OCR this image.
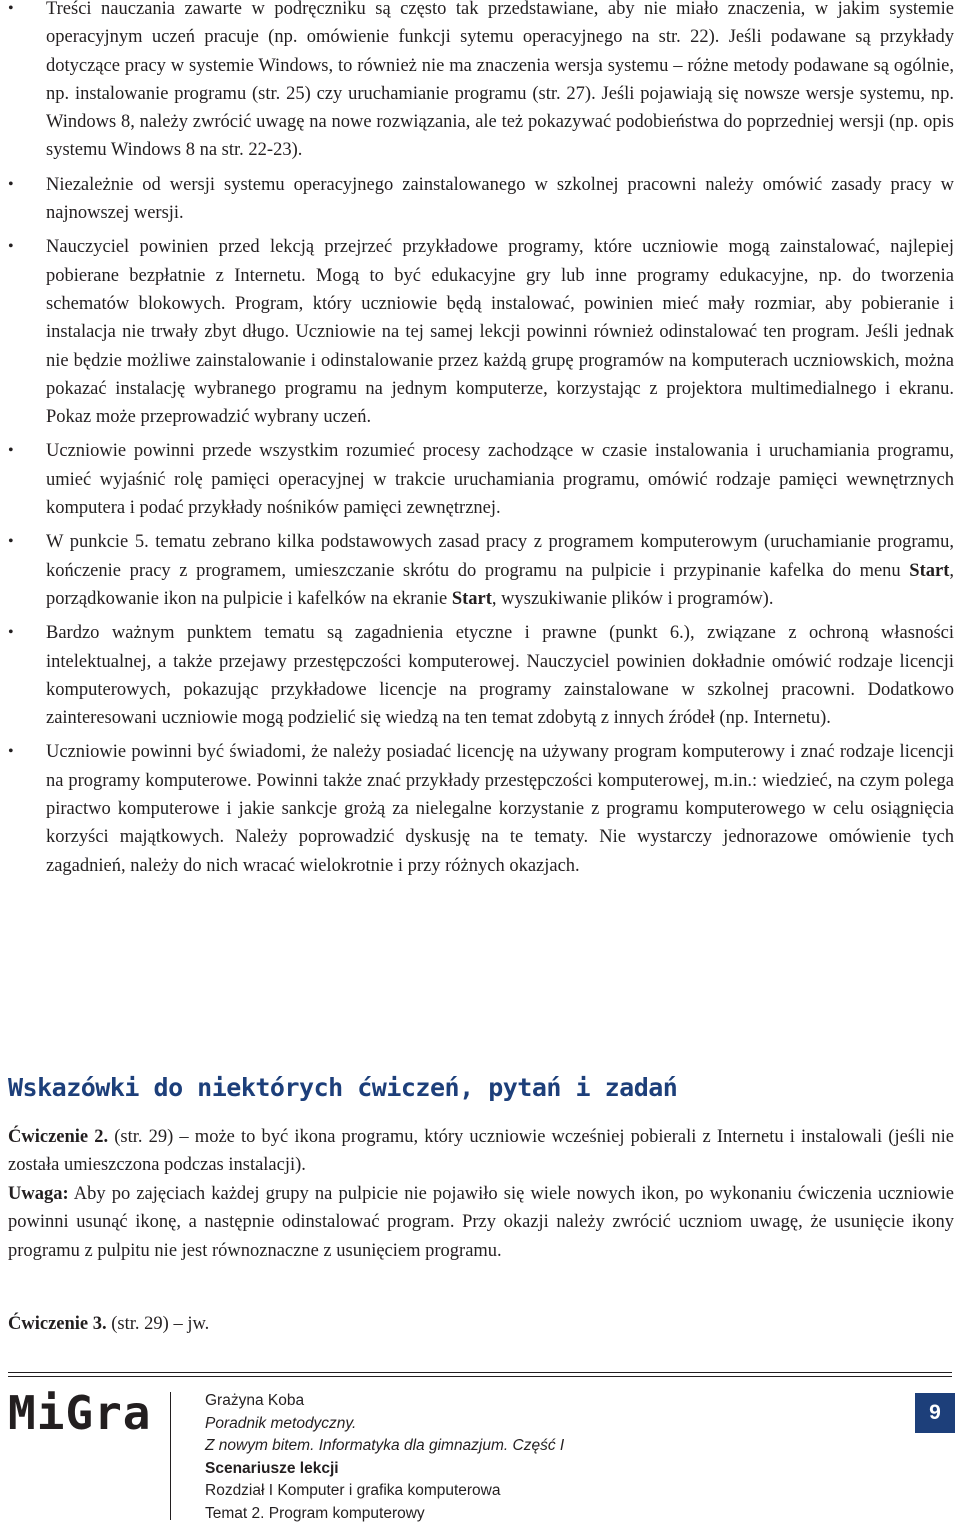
• Treści nauczania zawarte w podręczniku są często tak przedstawiane, aby nie miało znaczenia, w jakim systemie operacyjnym uczeń pracuje (np. omówienie funkcji sytemu operacyjnego na str. 22). Jeśli podawane są przykłady dotyczące pracy w systemie Windows, to również nie ma znaczenia wersja systemu – różne metody podawane są ogólnie, np. instalowanie programu (str. 25) czy uruchamianie programu (str. 27). Jeśli pojawiają się nowsze wersje systemu, np. Windows 8, należy zwrócić uwagę na nowe rozwiązania, ale też pokazywać podobieństwa do poprzedniej wersji (np. opis systemu Windows 8 na str. 22-23).
• Niezależnie od wersji systemu operacyjnego zainstalowanego w szkolnej pracowni należy omówić zasady pracy w najnowszej wersji.
• Nauczyciel powinien przed lekcją przejrzeć przykładowe programy, które uczniowie mogą zainstalować, najlepiej pobierane bezpłatnie z Internetu. Mogą to być edukacyjne gry lub inne programy edukacyjne, np. do tworzenia schematów blokowych. Program, który uczniowie będą instalować, powinien mieć mały rozmiar, aby pobieranie i instalacja nie trwały zbyt długo. Uczniowie na tej samej lekcji powinni również odinstalować ten program. Jeśli jednak nie będzie możliwe zainstalowanie i odinstalowanie przez każdą grupę programów na komputerach uczniowskich, można pokazać instalację wybranego programu na jednym komputerze, korzystając z projektora multimedialnego i ekranu. Pokaz może przeprowadzić wybrany uczeń.
• Uczniowie powinni przede wszystkim rozumieć procesy zachodzące w czasie instalowania i uruchamiania programu, umieć wyjaśnić rolę pamięci operacyjnej w trakcie uruchamiania programu, omówić rodzaje pamięci wewnętrznych komputera i podać przykłady nośników pamięci zewnętrznej.
• W punkcie 5. tematu zebrano kilka podstawowych zasad pracy z programem komputerowym (uruchamianie programu, kończenie pracy z programem, umieszczanie skrótu do programu na pulpicie i przypinanie kafelka do menu Start, porządkowanie ikon na pulpicie i kafelków na ekranie Start, wyszukiwanie plików i programów).
• Bardzo ważnym punktem tematu są zagadnienia etyczne i prawne (punkt 6.), związane z ochroną własności intelektualnej, a także przejawy przestępczości komputerowej. Nauczyciel powinien dokładnie omówić rodzaje licencji komputerowych, pokazując przykładowe licencje na programy zainstalowane w szkolnej pracowni. Dodatkowo zainteresowani uczniowie mogą podzielić się wiedzą na ten temat zdobytą z innych źródeł (np. Internetu).
• Uczniowie powinni być świadomi, że należy posiadać licencję na używany program komputerowy i znać rodzaje licencji na programy komputerowe. Powinni także znać przykłady przestępczości komputerowej, m.in.: wiedzieć, na czym polega piractwo komputerowe i jakie sankcje grożą za nielegalne korzystanie z programu komputerowego w celu osiągnięcia korzyści majątkowych. Należy poprowadzić dyskusję na te tematy. Nie wystarczy jednorazowe omówienie tych zagadnień, należy do nich wracać wielokrotnie i przy różnych okazjach.
Wskazówki do niektórych ćwiczeń, pytań i zadań

Ćwiczenie 2. (str. 29) – może to być ikona programu, który uczniowie wcześniej pobierali z Internetu i instalowali (jeśli nie została umieszczona podczas instalacji).

Uwaga: Aby po zajęciach każdej grupy na pulpicie nie pojawiło się wiele nowych ikon, po wykonaniu ćwiczenia uczniowie powinni usunąć ikonę, a następnie odinstalować program. Przy okazji należy zwrócić uczniom uwagę, że usunięcie ikony programu z pulpitu nie jest równoznaczne z usunięciem programu.

Ćwiczenie 3. (str. 29) – jw.

MiGra	Grażyna Koba
Poradnik metodyczny.
Z nowym bitem. Informatyka dla gimnazjum. Część I
Scenariusze lekcji
Rozdział I Komputer i grafika komputerowa
Temat 2. Program komputerowy
9
